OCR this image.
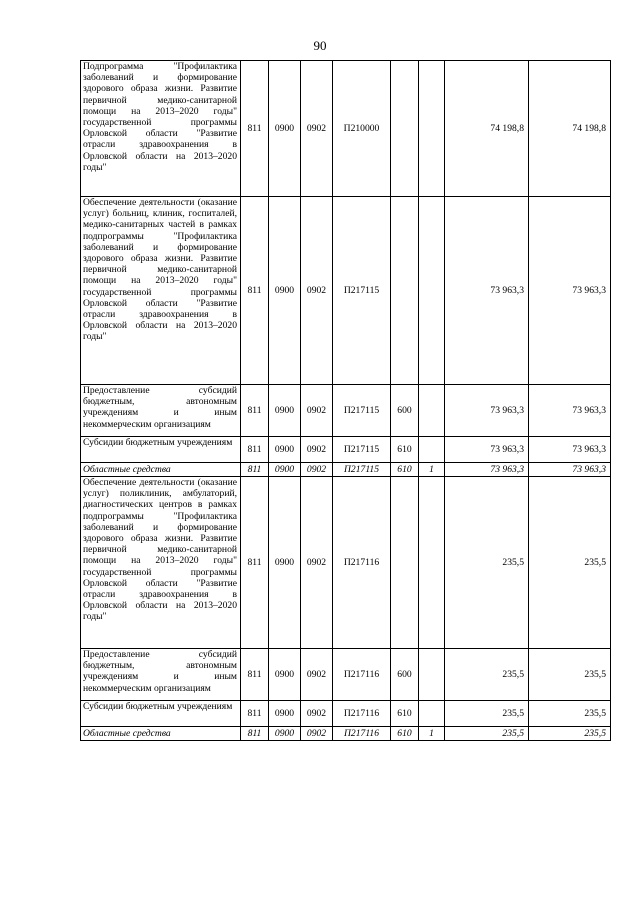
90
Подпрограмма "Профилактика заболеваний и формирование здорового образа жизни. Развитие первичной медико-санитарной помощи на 2013–2020 годы" государственной программы Орловской области "Развитие отрасли здравоохранения в Орловской области на 2013–2020 годы"	811	0900	0902	П210000			74 198,8	74 198,8
Обеспечение деятельности (оказание услуг) больниц, клиник, госпиталей, медико-санитарных частей в рамках подпрограммы "Профилактика заболеваний и формирование здорового образа жизни. Развитие первичной медико-санитарной помощи на 2013–2020 годы" государственной программы Орловской области "Развитие отрасли здравоохранения в Орловской области на 2013–2020 годы"	811	0900	0902	П217115			73 963,3	73 963,3
Предоставление субсидий бюджетным, автономным учреждениям и иным некоммерческим организациям	811	0900	0902	П217115	600		73 963,3	73 963,3
Субсидии бюджетным учреждениям	811	0900	0902	П217115	610		73 963,3	73 963,3
Областные средства	811	0900	0902	П217115	610	1	73 963,3	73 963,3
Обеспечение деятельности (оказание услуг) поликлиник, амбулаторий, диагностических центров в рамках подпрограммы "Профилактика заболеваний и формирование здорового образа жизни. Развитие первичной медико-санитарной помощи на 2013–2020 годы" государственной программы Орловской области "Развитие отрасли здравоохранения в Орловской области на 2013–2020 годы"	811	0900	0902	П217116			235,5	235,5
Предоставление субсидий бюджетным, автономным учреждениям и иным некоммерческим организациям	811	0900	0902	П217116	600		235,5	235,5
Субсидии бюджетным учреждениям	811	0900	0902	П217116	610		235,5	235,5
Областные средства	811	0900	0902	П217116	610	1	235,5	235,5
